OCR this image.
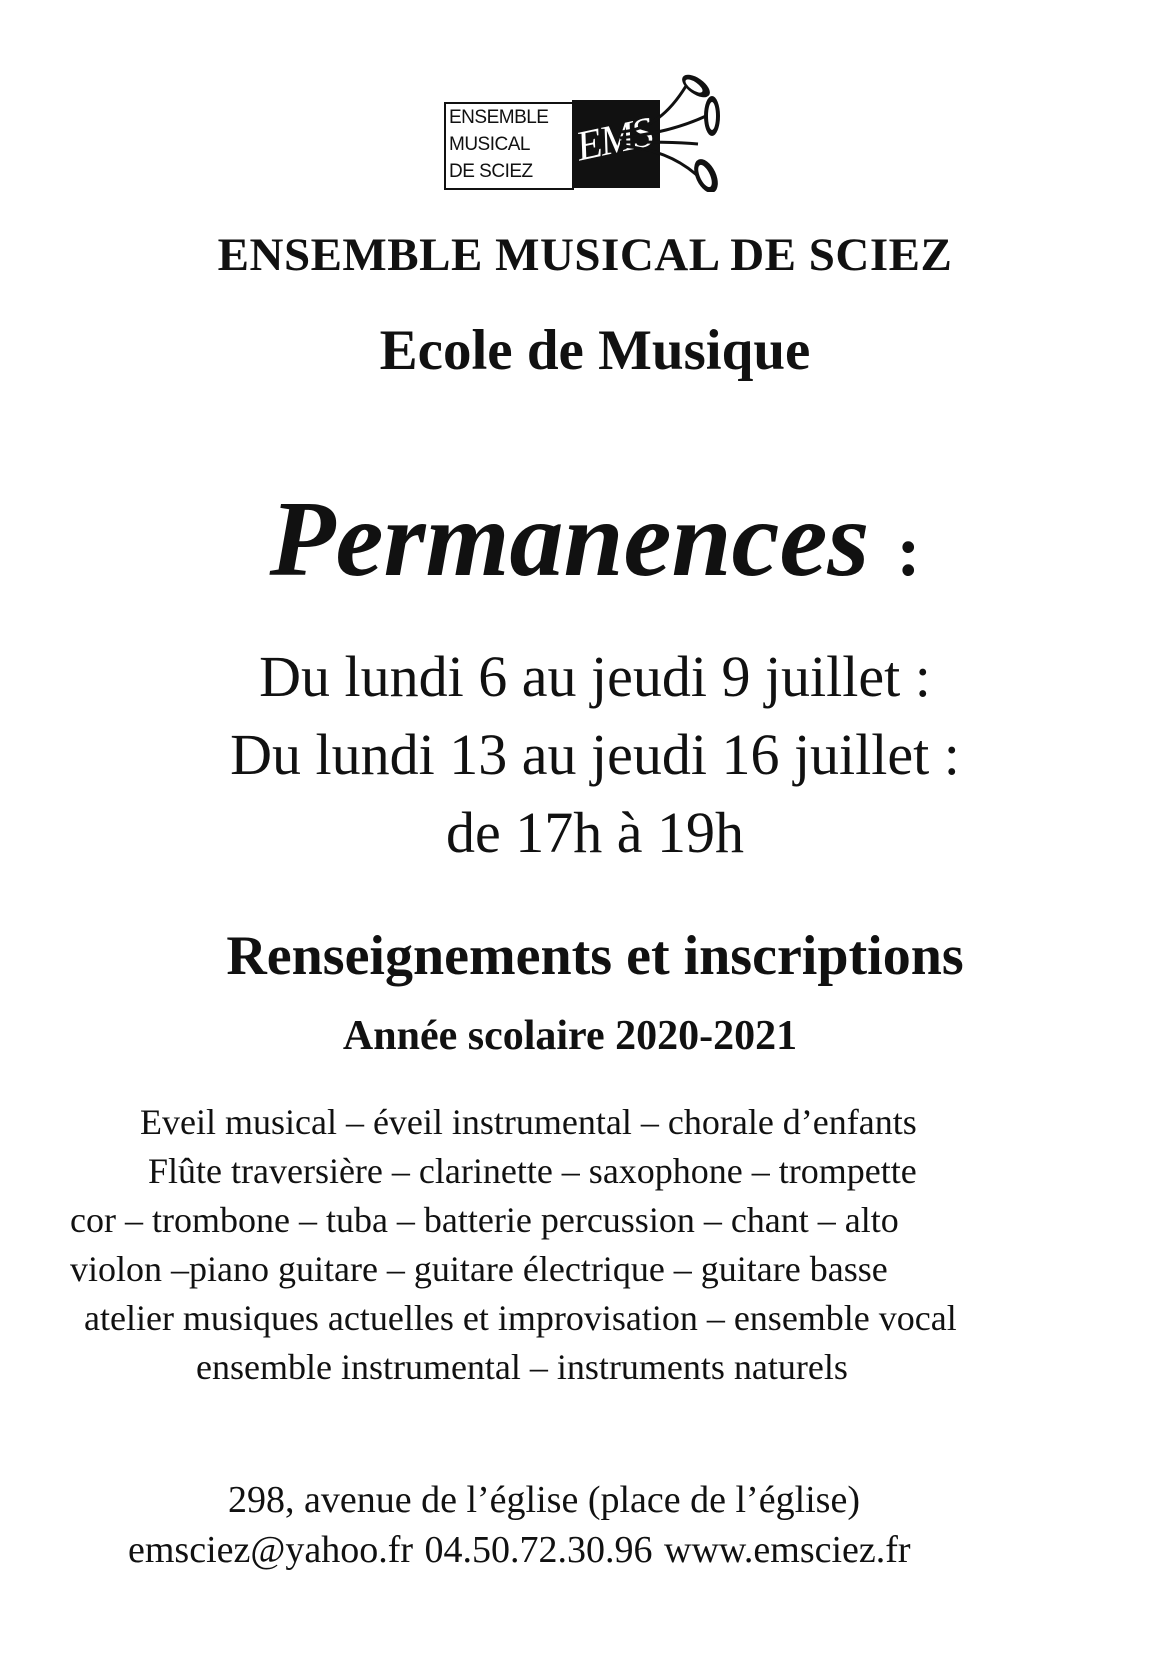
ENSEMBLE
MUSICAL
DE SCIEZ
EMS
ENSEMBLE MUSICAL DE SCIEZ
Ecole de Musique
Permanences :
Du lundi 6 au jeudi 9 juillet :
Du lundi 13 au jeudi 16 juillet :
de 17h à 19h
Renseignements et inscriptions
Année scolaire 2020-2021
Eveil musical – éveil instrumental – chorale d’enfants
Flûte traversière – clarinette – saxophone – trompette
cor – trombone – tuba – batterie percussion – chant – alto
violon –piano guitare – guitare électrique – guitare basse
atelier musiques actuelles et improvisation – ensemble vocal
ensemble instrumental – instruments naturels
298, avenue de l’église (place de l’église)
emsciez@yahoo.fr 04.50.72.30.96 www.emsciez.fr
